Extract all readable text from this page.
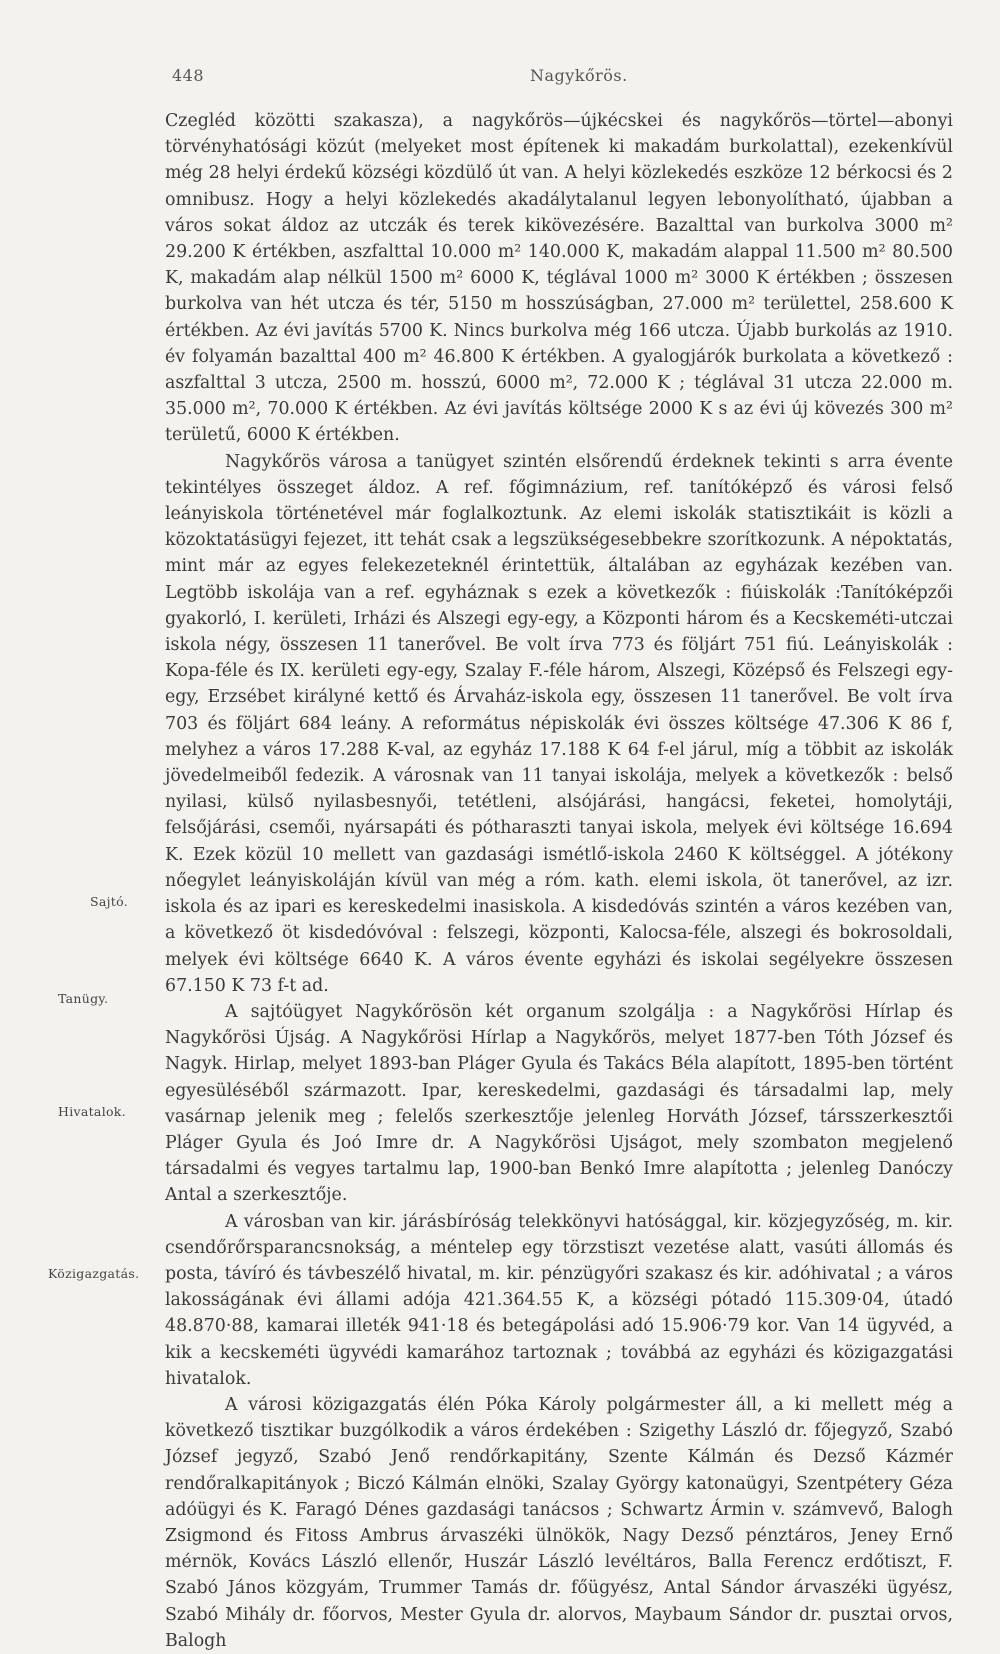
448	Nagykőrös.
Tanügy.
Sajtó.
Hivatalok.
Közigazgatás.

Czegléd közötti szakasza), a nagykőrös—újkécskei és nagykőrös—törtel—abonyi törvényhatósági közút (melyeket most építenek ki makadám burkolattal), ezekenkívül még 28 helyi érdekű községi közdülő út van. A helyi közlekedés eszköze 12 bérkocsi és 2 omnibusz. Hogy a helyi közlekedés akadálytalanul legyen lebonyolítható, újabban a város sokat áldoz az utczák és terek kikövezésére. Bazalttal van burkolva 3000 m² 29.200 K értékben, aszfalttal 10.000 m² 140.000 K, makadám alappal 11.500 m² 80.500 K, makadám alap nélkül 1500 m² 6000 K, téglával 1000 m² 3000 K értékben ; összesen burkolva van hét utcza és tér, 5150 m hosszúságban, 27.000 m² területtel, 258.600 K értékben. Az évi javítás 5700 K. Nincs burkolva még 166 utcza. Újabb burkolás az 1910. év folyamán bazalttal 400 m² 46.800 K értékben. A gyalogjárók burkolata a következő : aszfalttal 3 utcza, 2500 m. hosszú, 6000 m², 72.000 K ; téglával 31 utcza 22.000 m. 35.000 m², 70.000 K értékben. Az évi javítás költsége 2000 K s az évi új kövezés 300 m² területű, 6000 K értékben.

Nagykőrös városa a tanügyet szintén elsőrendű érdeknek tekinti s arra évente tekintélyes összeget áldoz. A ref. főgimnázium, ref. tanítóképző és városi felső leányiskola történetével már foglalkoztunk. Az elemi iskolák statisztikáit is közli a közoktatásügyi fejezet, itt tehát csak a legszükségesebbekre szorítkozunk. A népoktatás, mint már az egyes felekezeteknél érintettük, általában az egyházak kezében van. Legtöbb iskolája van a ref. egyháznak s ezek a következők : fiúiskolák :Tanítóképzői gyakorló, I. kerületi, Irházi és Alszegi egy-egy, a Központi három és a Kecskeméti-utczai iskola négy, összesen 11 tanerővel. Be volt írva 773 és följárt 751 fiú. Leányiskolák : Kopa-féle és IX. kerületi egy-egy, Szalay F.-féle három, Alszegi, Középső és Felszegi egy-egy, Erzsébet királyné kettő és Árvaház-iskola egy, összesen 11 tanerővel. Be volt írva 703 és följárt 684 leány. A református népiskolák évi összes költsége 47.306 K 86 f, melyhez a város 17.288 K-val, az egyház 17.188 K 64 f-el járul, míg a többit az iskolák jövedelmeiből fedezik. A városnak van 11 tanyai iskolája, melyek a következők : belső nyilasi, külső nyilasbesnyői, tetétleni, alsójárási, hangácsi, feketei, homolytáji, felsőjárási, csemői, nyársapáti és pótharaszti tanyai iskola, melyek évi költsége 16.694 K. Ezek közül 10 mellett van gazdasági ismétlő-iskola 2460 K költséggel. A jótékony nőegylet leányiskoláján kívül van még a róm. kath. elemi iskola, öt tanerővel, az izr. iskola és az ipari es kereskedelmi inasiskola. A kisdedóvás szintén a város kezében van, a következő öt kisdedóvóval : felszegi, központi, Kalocsa-féle, alszegi és bokrosoldali, melyek évi költsége 6640 K. A város évente egyházi és iskolai segélyekre összesen 67.150 K 73 f-t ad.

A sajtóügyet Nagykőrösön két organum szolgálja : a Nagykőrösi Hírlap és Nagykőrösi Újság. A Nagykőrösi Hírlap a Nagykőrös, melyet 1877-ben Tóth József és Nagyk. Hirlap, melyet 1893-ban Pláger Gyula és Takács Béla alapított, 1895-ben történt egyesüléséből származott. Ipar, kereskedelmi, gazdasági és társadalmi lap, mely vasárnap jelenik meg ; felelős szerkesztője jelenleg Horváth József, társszerkesztői Pláger Gyula és Joó Imre dr. A Nagykőrösi Ujságot, mely szombaton megjelenő társadalmi és vegyes tartalmu lap, 1900-ban Benkó Imre alapította ; jelenleg Danóczy Antal a szerkesztője.

A városban van kir. járásbíróság telekkönyvi hatósággal, kir. közjegyzőség, m. kir. csendőrőrsparancsnokság, a méntelep egy törzstiszt vezetése alatt, vasúti állomás és posta, távíró és távbeszélő hivatal, m. kir. pénzügyőri szakasz és kir. adóhivatal ; a város lakosságának évi állami adója 421.364.55 K, a községi pótadó 115.309·04, útadó 48.870·88, kamarai illeték 941·18 és betegápolási adó 15.906·79 kor. Van 14 ügyvéd, a kik a kecskeméti ügyvédi kamarához tartoznak ; továbbá az egyházi és közigazgatási hivatalok.

A városi közigazgatás élén Póka Károly polgármester áll, a ki mellett még a következő tisztikar buzgólkodik a város érdekében : Szigethy László dr. főjegyző, Szabó József jegyző, Szabó Jenő rendőrkapitány, Szente Kálmán és Dezső Kázmér rendőralkapitányok ; Biczó Kálmán elnöki, Szalay György katonaügyi, Szentpétery Géza adóügyi és K. Faragó Dénes gazdasági tanácsos ; Schwartz Ármin v. számvevő, Balogh Zsigmond és Fitoss Ambrus árvaszéki ülnökök, Nagy Dezső pénztáros, Jeney Ernő mérnök, Kovács László ellenőr, Huszár László levéltáros, Balla Ferencz erdőtiszt, F. Szabó János közgyám, Trummer Tamás dr. főügyész, Antal Sándor árvaszéki ügyész, Szabó Mihály dr. főorvos, Mester Gyula dr. alorvos, Maybaum Sándor dr. pusztai orvos, Balogh
